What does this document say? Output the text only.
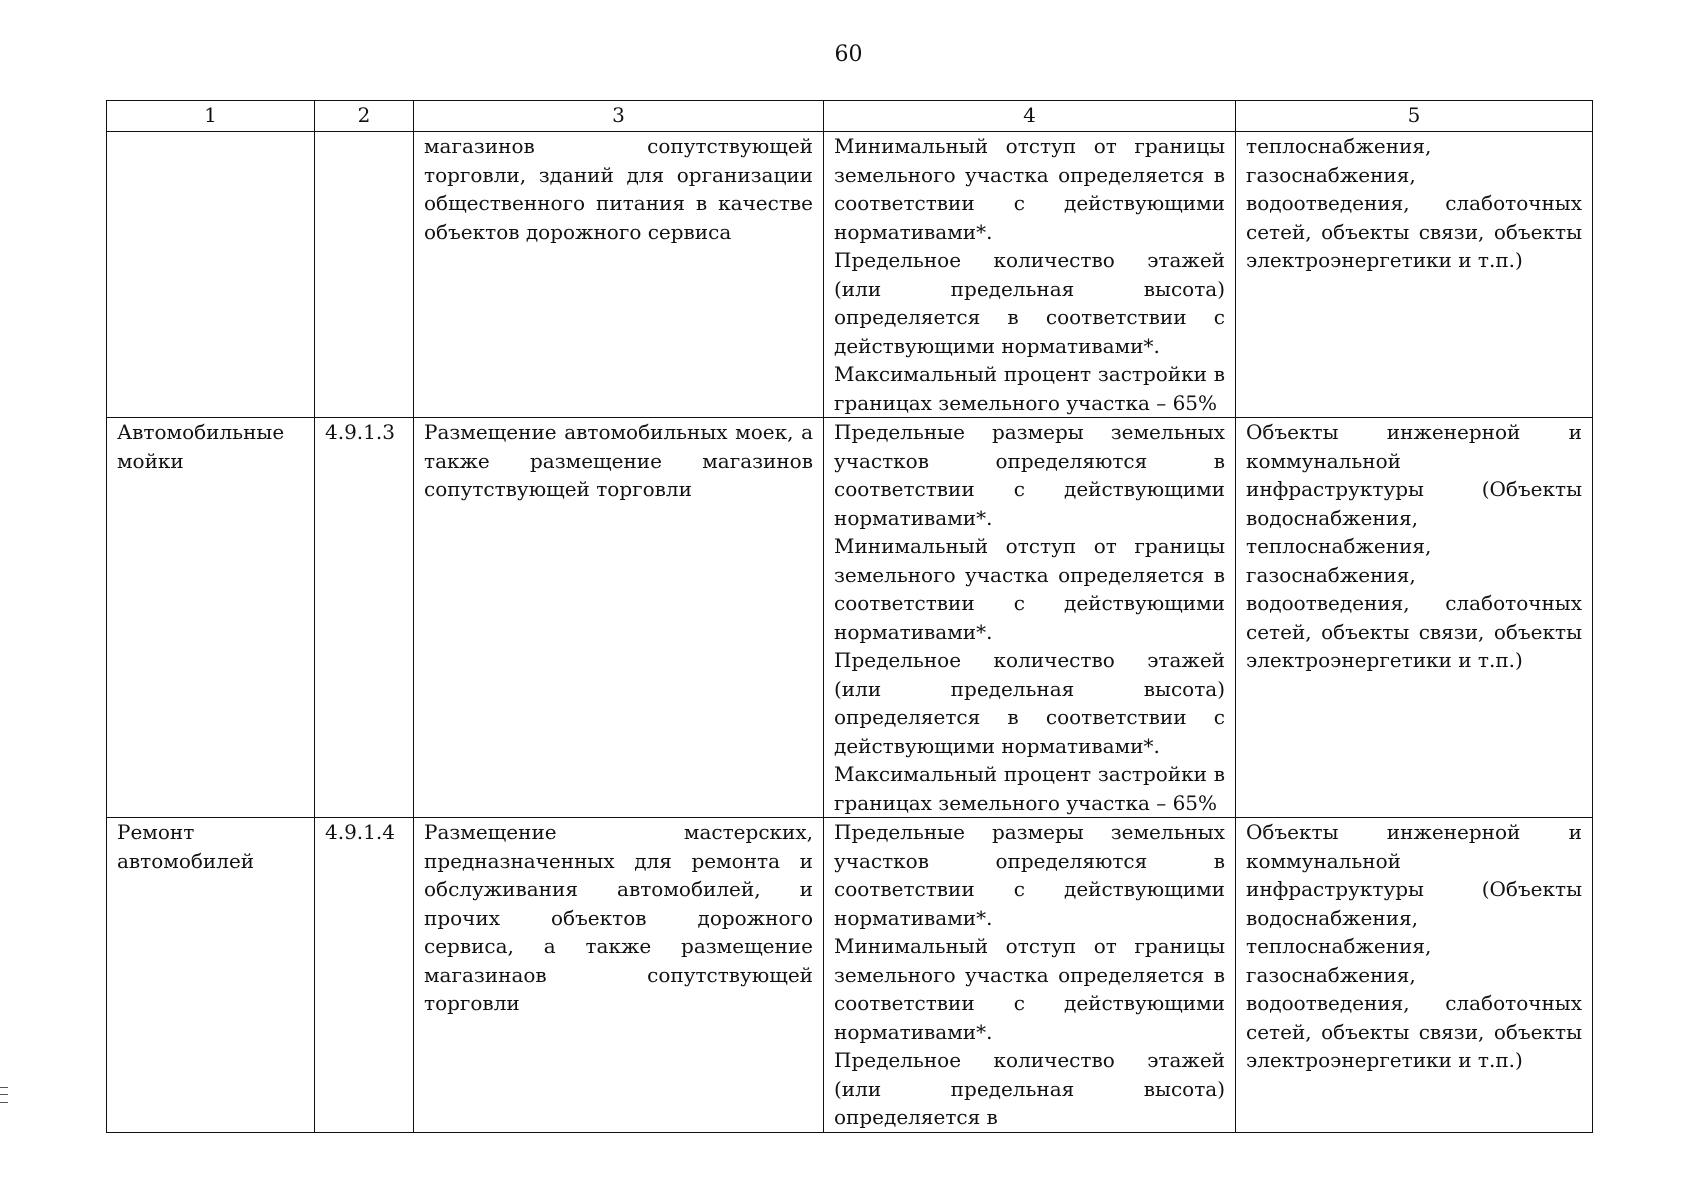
60
1	2	3	4	5

		магазинов сопутствующей торговли, зданий для организации общественного питания в качестве объектов дорожного сервиса	Минимальный отступ от границы земельного участка определяется в соответствии с действующими нормативами*.

Предельное количество этажей (или предельная высота) определяется в соответствии с действующими нормативами*.

Максимальный процент застройки в границах земельного участка – 65%	теплоснабжения, газоснабжения, водоотведения, слаботочных сетей, объекты связи, объекты электроэнергетики и т.п.)

Автомобильные мойки	4.9.1.3	Размещение автомобильных моек, а также размещение магазинов сопутствующей торговли	Предельные размеры земельных участков определяются в соответствии с действующими нормативами*.

Минимальный отступ от границы земельного участка определяется в соответствии с действующими нормативами*.

Предельное количество этажей (или предельная высота) определяется в соответствии с действующими нормативами*.

Максимальный процент застройки в границах земельного участка – 65%	Объекты инженерной и коммунальной инфраструктуры (Объекты водоснабжения, теплоснабжения, газоснабжения, водоотведения, слаботочных сетей, объекты связи, объекты электроэнергетики и т.п.)

Ремонт автомобилей	4.9.1.4	Размещение мастерских, предназначенных для ремонта и обслуживания автомобилей, и прочих объектов дорожного сервиса, а также размещение магазинаов сопутствующей торговли	Предельные размеры земельных участков определяются в соответствии с действующими нормативами*.

Минимальный отступ от границы земельного участка определяется в соответствии с действующими нормативами*.

Предельное количество этажей (или предельная высота) определяется в	Объекты инженерной и коммунальной инфраструктуры (Объекты водоснабжения, теплоснабжения, газоснабжения, водоотведения, слаботочных сетей, объекты связи, объекты электроэнергетики и т.п.)
